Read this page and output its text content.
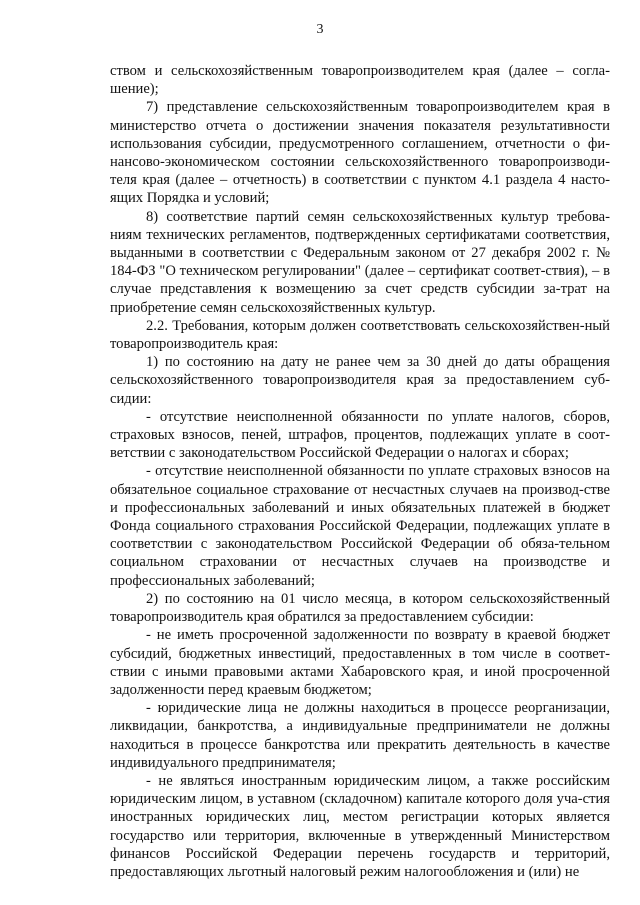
3

ством и сельскохозяйственным товаропроизводителем края (далее – согла-шение);

7) представление сельскохозяйственным товаропроизводителем края в министерство отчета о достижении значения показателя результативности использования субсидии, предусмотренного соглашением, отчетности о фи-нансово-экономическом состоянии сельскохозяйственного товаропроизводи-теля края (далее – отчетность) в соответствии с пунктом 4.1 раздела 4 насто-ящих Порядка и условий;

8) соответствие партий семян сельскохозяйственных культур требова-ниям технических регламентов, подтвержденных сертификатами соответствия, выданными в соответствии с Федеральным законом от 27 декабря 2002 г. № 184-ФЗ "О техническом регулировании" (далее – сертификат соответ-ствия), – в случае представления к возмещению за счет средств субсидии за-трат на приобретение семян сельскохозяйственных культур.

2.2. Требования, которым должен соответствовать сельскохозяйствен-ный товаропроизводитель края:

1) по состоянию на дату не ранее чем за 30 дней до даты обращения сельскохозяйственного товаропроизводителя края за предоставлением суб-сидии:

- отсутствие неисполненной обязанности по уплате налогов, сборов, страховых взносов, пеней, штрафов, процентов, подлежащих уплате в соот-ветствии с законодательством Российской Федерации о налогах и сборах;

- отсутствие неисполненной обязанности по уплате страховых взносов на обязательное социальное страхование от несчастных случаев на производ-стве и профессиональных заболеваний и иных обязательных платежей в бюджет Фонда социального страхования Российской Федерации, подлежащих уплате в соответствии с законодательством Российской Федерации об обяза-тельном социальном страховании от несчастных случаев на производстве и профессиональных заболеваний;

2) по состоянию на 01 число месяца, в котором сельскохозяйственный товаропроизводитель края обратился за предоставлением субсидии:

- не иметь просроченной задолженности по возврату в краевой бюджет субсидий, бюджетных инвестиций, предоставленных в том числе в соответ-ствии с иными правовыми актами Хабаровского края, и иной просроченной задолженности перед краевым бюджетом;

- юридические лица не должны находиться в процессе реорганизации, ликвидации, банкротства, а индивидуальные предприниматели не должны находиться в процессе банкротства или прекратить деятельность в качестве индивидуального предпринимателя;

- не являться иностранным юридическим лицом, а также российским юридическим лицом, в уставном (складочном) капитале которого доля уча-стия иностранных юридических лиц, местом регистрации которых является государство или территория, включенные в утвержденный Министерством финансов Российской Федерации перечень государств и территорий, предоставляющих льготный налоговый режим налогообложения и (или) не
